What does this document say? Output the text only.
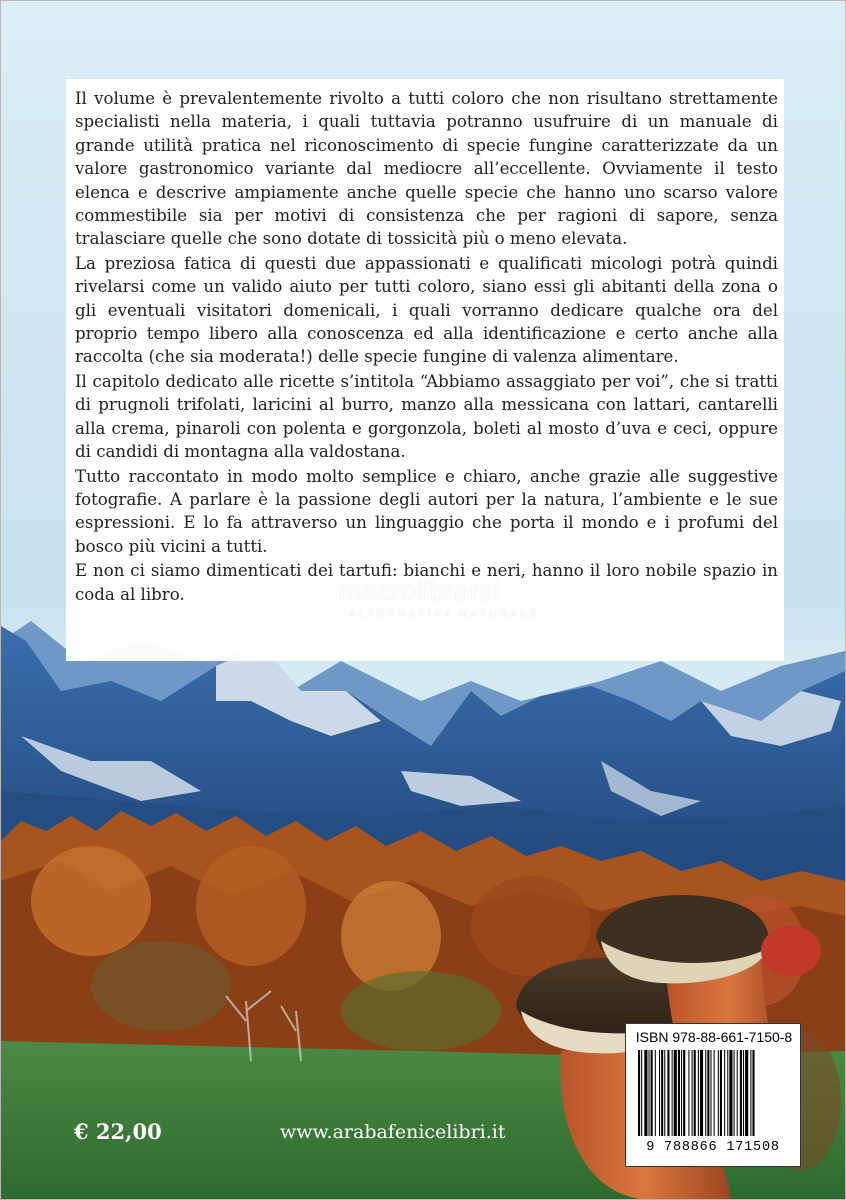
Il volume è prevalentemente rivolto a tutti coloro che non risultano strettamente specialisti nella materia, i quali tuttavia potranno usufruire di un manuale di grande utilità pratica nel riconoscimento di specie fungine caratterizzate da un valore gastronomico variante dal mediocre all’eccellente. Ovviamente il testo elenca e descrive ampiamente anche quelle specie che hanno uno scarso valore commestibile sia per motivi di consistenza che per ragioni di sapore, senza tralasciare quelle che sono dotate di tossicità più o meno elevata.

La preziosa fatica di questi due appassionati e qualificati micologi potrà quindi rivelarsi come un valido aiuto per tutti coloro, siano essi gli abitanti della zona o gli eventuali visitatori domenicali, i quali vorranno dedicare qualche ora del proprio tempo libero alla conoscenza ed alla identificazione e certo anche alla raccolta (che sia moderata!) delle specie fungine di valenza alimentare.

Il capitolo dedicato alle ricette s’intitola “Abbiamo assaggiato per voi”, che si tratti di prugnoli trifolati, laricini al burro, manzo alla messicana con lattari, cantarelli alla crema, pinaroli con polenta e gorgonzola, boleti al mosto d’uva e ceci, oppure di candidi di montagna alla valdostana.

Tutto raccontato in modo molto semplice e chiaro, anche grazie alle suggestive fotografie. A parlare è la passione degli autori per la natura, l’ambiente e le sue espressioni. E lo fa attraverso un linguaggio che porta il mondo e i profumi del bosco più vicini a tutti.

E non ci siamo dimenticati dei tartufi: bianchi e neri, hanno il loro nobile spazio in coda al libro.	macrolibrarsi
ALTERNATIVA NATURALE
€ 22,00	www.arabafenicelibri.it
ISBN 978-88-661-7150-8
9 788866 171508
